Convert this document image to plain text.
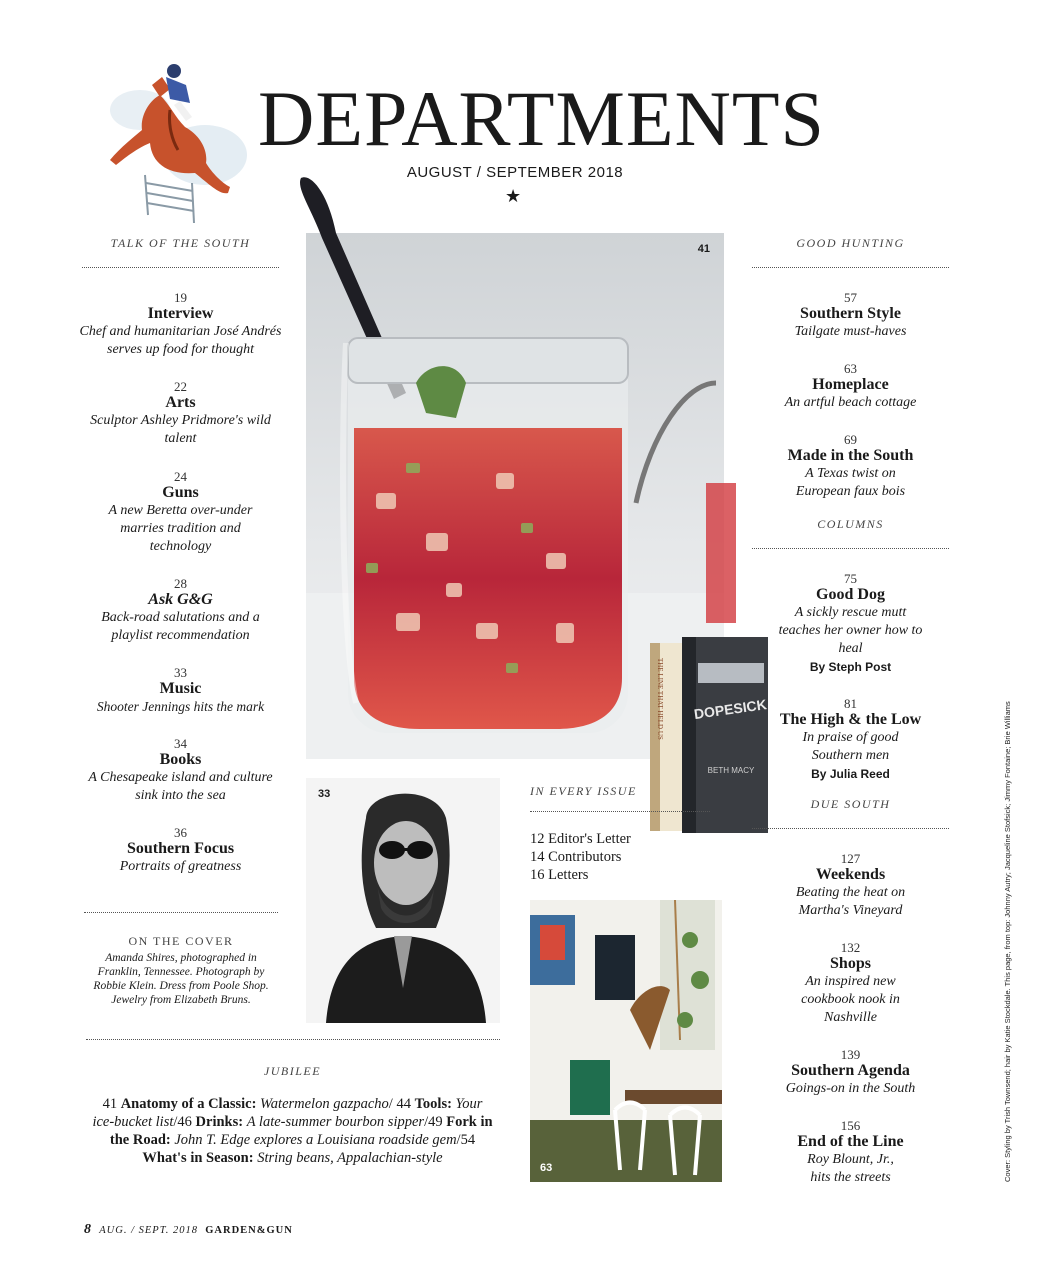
DEPARTMENTS
AUGUST / SEPTEMBER 2018
★
TALK OF THE SOUTH
19
Interview
Chef and humanitarian José Andrés serves up food for thought
22
Arts
Sculptor Ashley Pridmore's wild talent
24
Guns
A new Beretta over-under marries tradition and technology
28
Ask G&G
Back-road salutations and a playlist recommendation
33
Music
Shooter Jennings hits the mark
34
Books
A Chesapeake island and culture sink into the sea
36
Southern Focus
Portraits of greatness
ON THE COVER
Amanda Shires, photographed in Franklin, Tennessee. Photograph by Robbie Klein. Dress from Poole Shop. Jewelry from Elizabeth Bruns.
DOPESICK
BETH MACY
THE LINE THAT HELD US
41
33	IN EVERY ISSUE
12 Editor's Letter
14 Contributors
16 Letters
63
GOOD HUNTING
57
Southern Style
Tailgate must-haves
63
Homeplace
An artful beach cottage
69
Made in the South
A Texas twist on European faux bois
COLUMNS
75
Good Dog
A sickly rescue mutt teaches her owner how to heal
By Steph Post
81
The High & the Low
In praise of good Southern men
By Julia Reed
DUE SOUTH
127
Weekends
Beating the heat on Martha's Vineyard
132
Shops
An inspired new cookbook nook in Nashville
139
Southern Agenda
Goings-on in the South
156
End of the Line
Roy Blount, Jr., hits the streets
JUBILEE
41 Anatomy of a Classic: Watermelon gazpacho/ 44 Tools: Your ice-bucket list/46 Drinks: A late-summer bourbon sipper/49 Fork in the Road: John T. Edge explores a Louisiana roadside gem/54 What's in Season: String beans, Appalachian-style
8 AUG. / SEPT. 2018 GARDEN&GUN
Cover: Styling by Trish Townsend; hair by Katie Stockdale. This page, from top: Johnny Autry; Jacqueline Stofsick; Jimmy Fontaine; Brie Williams
